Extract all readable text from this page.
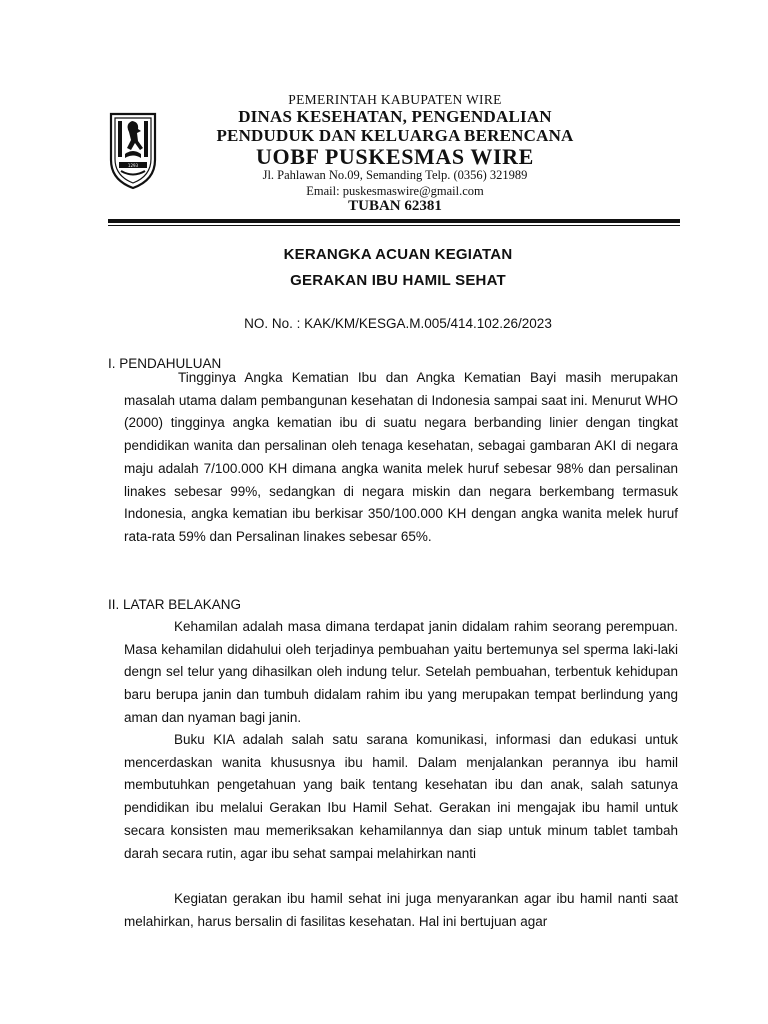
1293
PEMERINTAH KABUPATEN WIRE
DINAS KESEHATAN, PENGENDALIAN
PENDUDUK DAN KELUARGA BERENCANA
UOBF PUSKESMAS WIRE
Jl. Pahlawan No.09, Semanding Telp. (0356) 321989
Email: puskesmaswire@gmail.com
TUBAN 62381
KERANGKA ACUAN KEGIATAN
GERAKAN IBU HAMIL SEHAT
NO. No. : KAK/KM/KESGA.M.005/414.102.26/2023
I. PENDAHULUAN
Tingginya Angka Kematian Ibu dan Angka Kematian Bayi masih merupakan masalah utama dalam pembangunan kesehatan di Indonesia sampai saat ini. Menurut WHO (2000) tingginya angka kematian ibu di suatu negara berbanding linier dengan tingkat pendidikan wanita dan persalinan oleh tenaga kesehatan, sebagai gambaran AKI di negara maju adalah 7/100.000 KH dimana angka wanita melek huruf sebesar 98% dan persalinan linakes sebesar 99%, sedangkan di negara miskin dan negara berkembang termasuk Indonesia, angka kematian ibu berkisar 350/100.000 KH dengan angka wanita melek huruf rata-rata 59% dan Persalinan linakes sebesar 65%.
II. LATAR BELAKANG
Kehamilan adalah masa dimana terdapat janin didalam rahim seorang perempuan. Masa kehamilan didahului oleh terjadinya pembuahan yaitu bertemunya sel sperma laki-laki dengn sel telur yang dihasilkan oleh indung telur. Setelah pembuahan, terbentuk kehidupan baru berupa janin dan tumbuh didalam rahim ibu yang merupakan tempat berlindung yang aman dan nyaman bagi janin.
Buku KIA adalah salah satu sarana komunikasi, informasi dan edukasi untuk mencerdaskan wanita khususnya ibu hamil. Dalam menjalankan perannya ibu hamil membutuhkan pengetahuan yang baik tentang kesehatan ibu dan anak, salah satunya pendidikan ibu melalui Gerakan Ibu Hamil Sehat. Gerakan ini mengajak ibu hamil untuk secara konsisten mau memeriksakan kehamilannya dan siap untuk minum tablet tambah darah secara rutin, agar ibu sehat sampai melahirkan nanti
Kegiatan gerakan ibu hamil sehat ini juga menyarankan agar ibu hamil nanti saat melahirkan, harus bersalin di fasilitas kesehatan. Hal ini bertujuan agar
